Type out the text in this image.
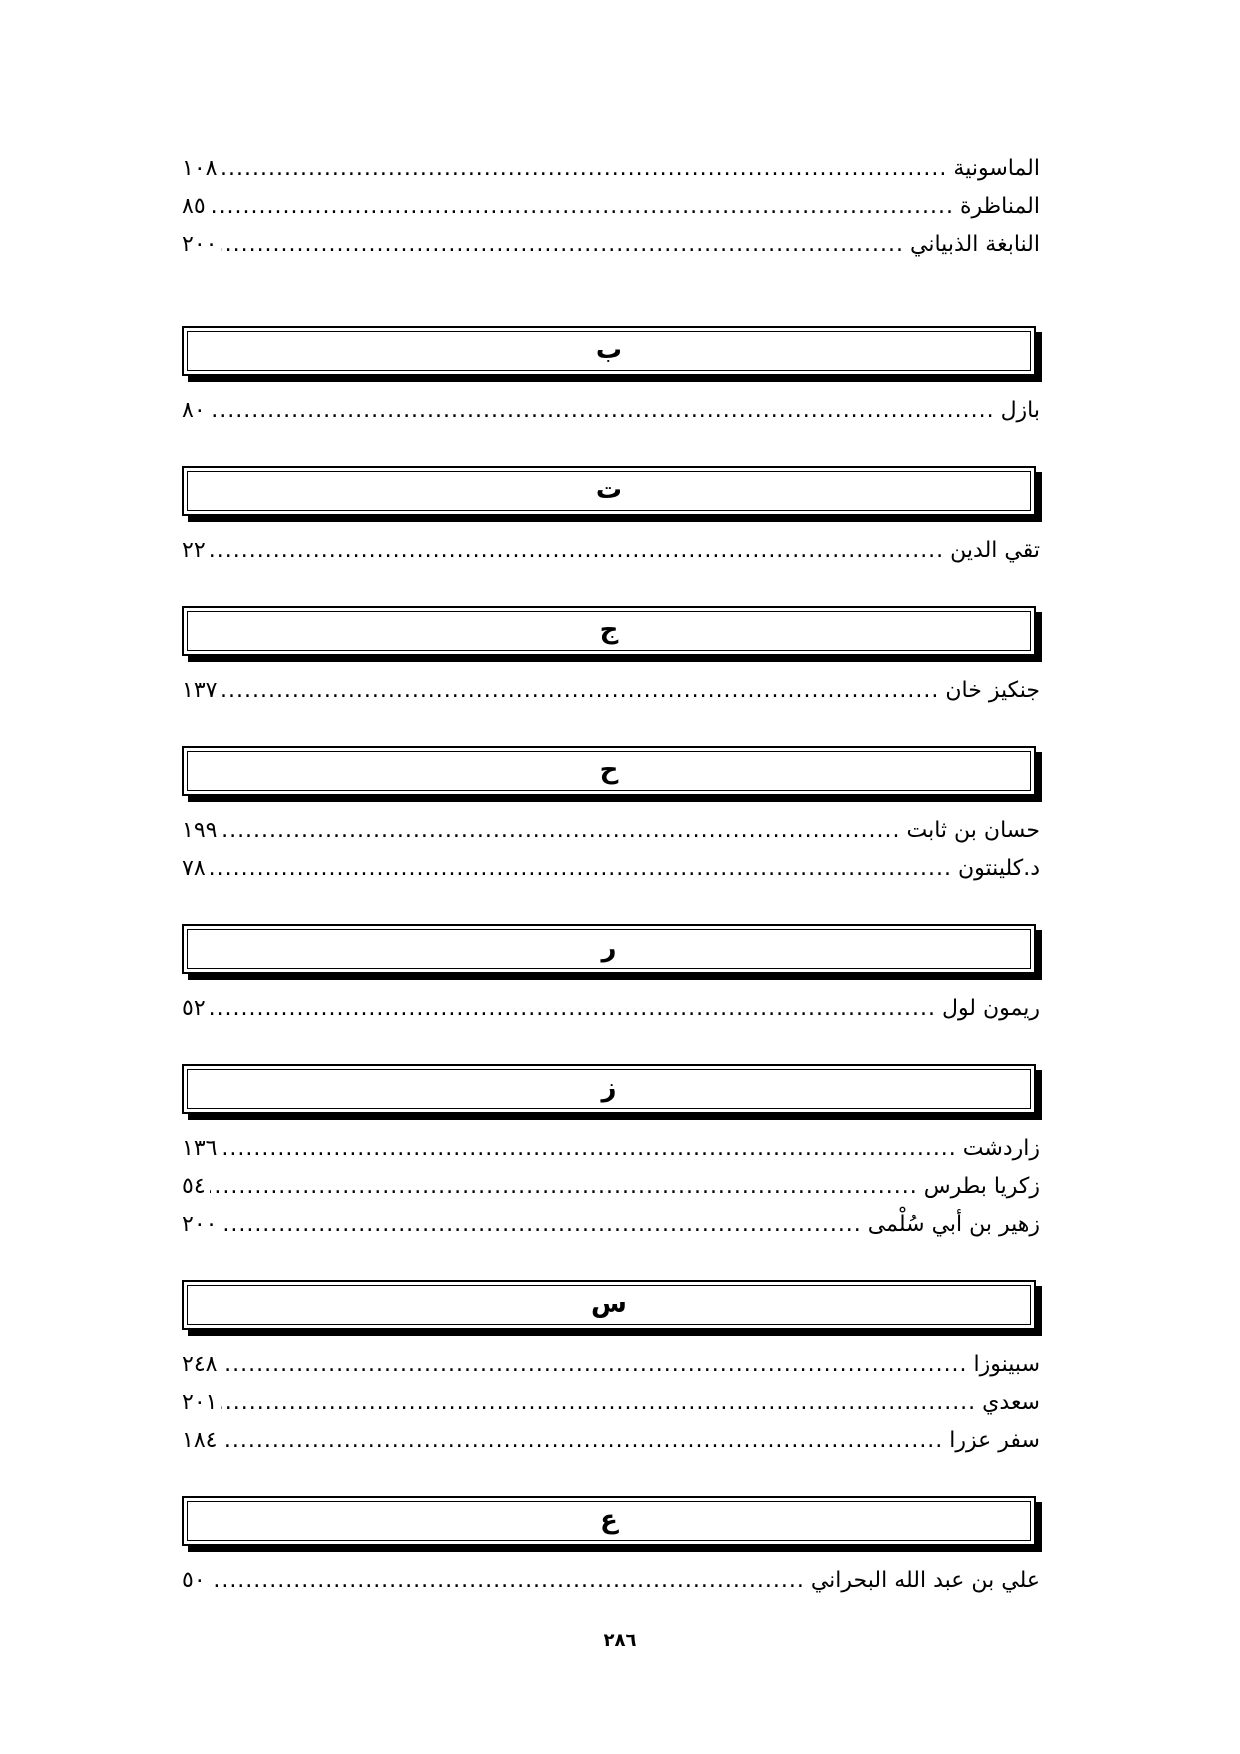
الماسونية
.....
١٠٨
المناظرة
.....
٨٥
النابغة الذبياني
.....
٢٠٠
ب
بازل
.....
٨٠
ت
تقي الدين
.....
٢٢
ج
جنكيز خان
.....
١٣٧
ح
حسان بن ثابت
.....
١٩٩
د.كلينتون
.....
٧٨
ر
ريمون لول
.....
٥٢
ز
زاردشت
.....
١٣٦
زكريا بطرس
.....
٥٤
زهير بن أبي سُلْمى
.....
٢٠٠
س
سبينوزا
.....
٢٤٨
سعدي
.....
٢٠١
سفر عزرا
.....
١٨٤
ع
علي بن عبد الله البحراني
.....
٥٠
٢٨٦
